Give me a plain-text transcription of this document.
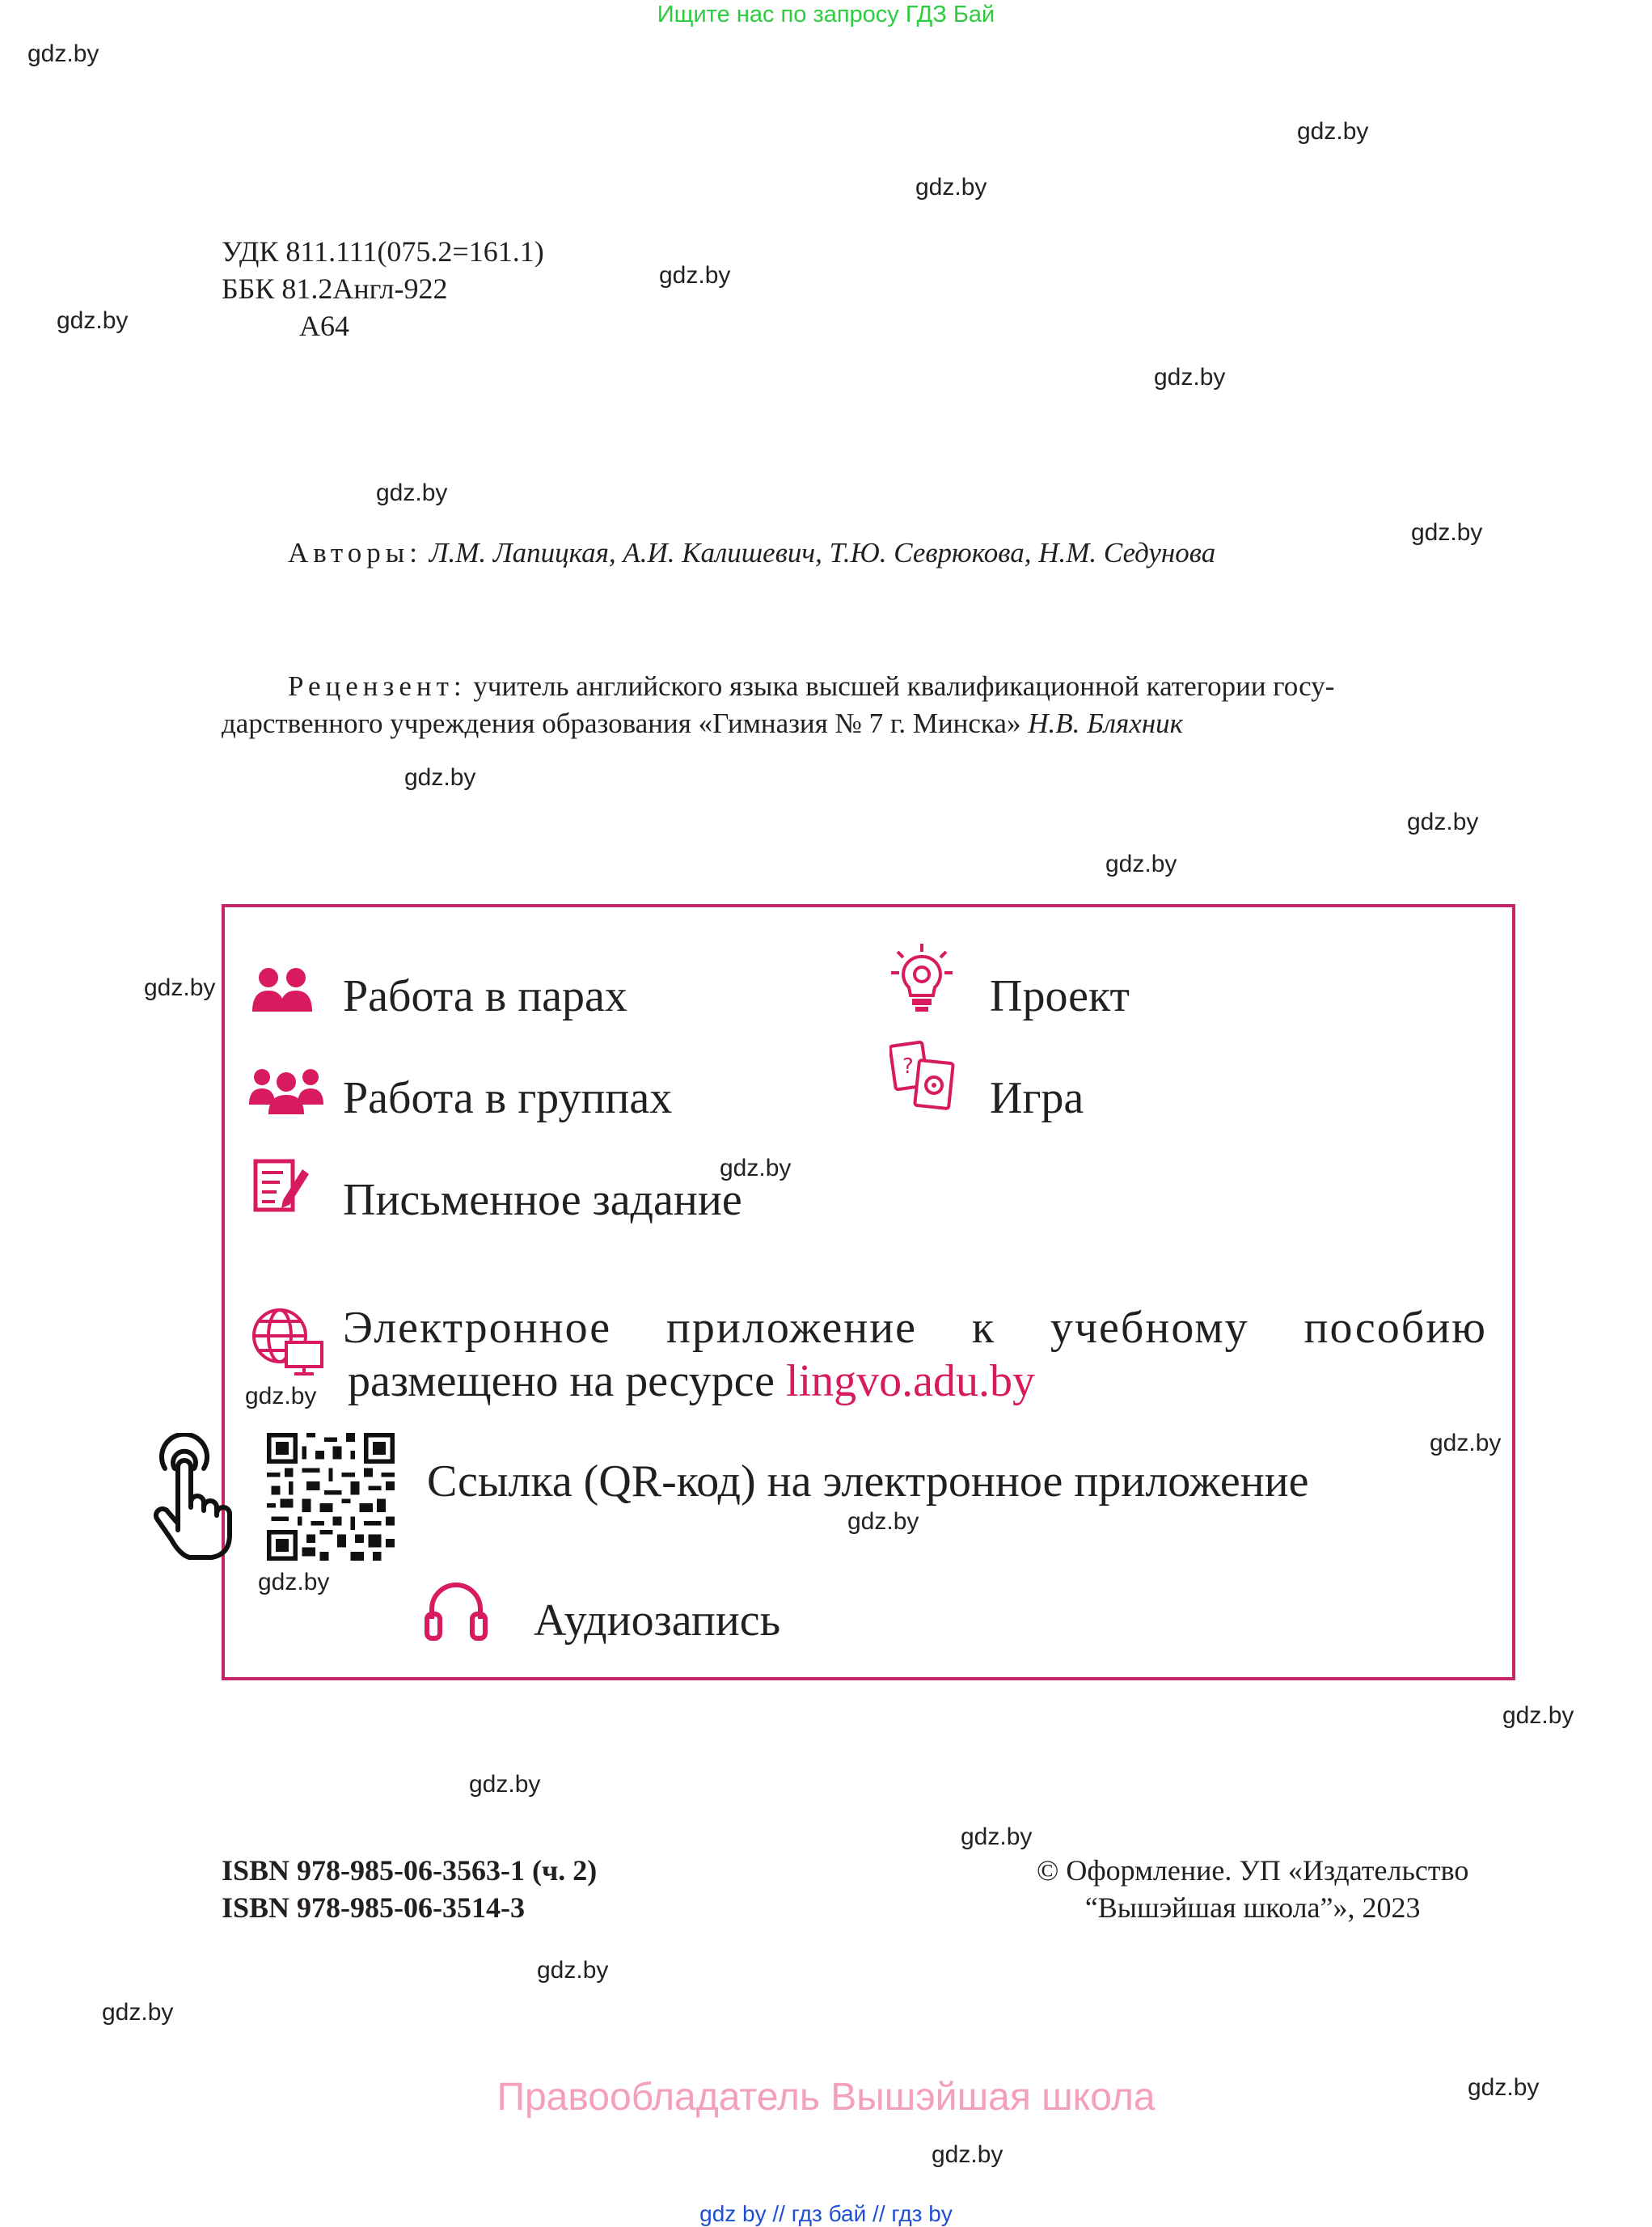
Ищите нас по запросу ГДЗ Бай
gdz.by
gdz.by
gdz.by
gdz.by
gdz.by
gdz.by
gdz.by
gdz.by
gdz.by
gdz.by
gdz.by
gdz.by
gdz.by
gdz.by
gdz.by
gdz.by
gdz.by
gdz.by
gdz.by
gdz.by
gdz.by
gdz.by
gdz.by
gdz.by
УДК 811.111(075.2=161.1)
ББК 81.2Англ-922
А64
Авторы: Л.М. Лапицкая, А.И. Калишевич, Т.Ю. Севрюкова, Н.М. Седунова
Рецензент: учитель английского языка высшей квалификационной категории госу-
дарственного учреждения образования «Гимназия № 7 г. Минска» Н.В. Бляхник
Работа в парах
Работа в группах
Письменное задание
Проект
?
Игра
Электронное приложение к учебному пособию
размещено на ресурсе lingvo.adu.by
Ссылка (QR-код) на электронное приложение
Аудиозапись
ISBN 978-985-06-3563-1 (ч. 2)
ISBN 978-985-06-3514-3
© Оформление. УП «Издательство
“Вышэйшая школа”», 2023
Правообладатель Вышэйшая школа
gdz by // гдз бай // гдз by
